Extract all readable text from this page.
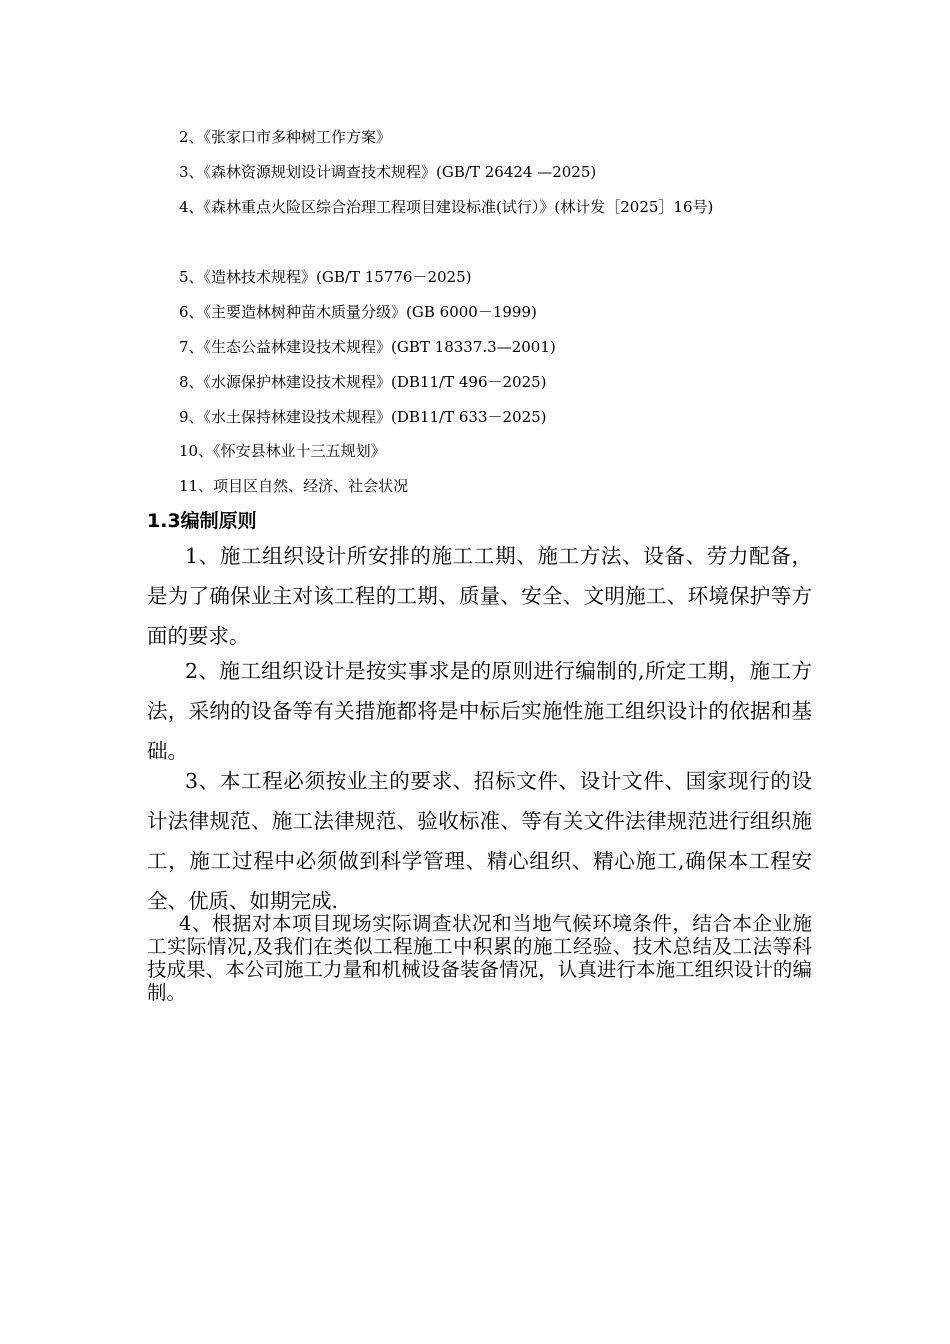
2、《张家口市多种树工作方案》
3、《森林资源规划设计调查技术规程》(GB/T 26424 —2025)
4、《森林重点火险区综合治理工程项目建设标准(试行）》(林计发［2025］16号)
5、《造林技术规程》(GB/T 15776－2025)
6、《主要造林树种苗木质量分级》(GB 6000－1999)
7、《生态公益林建设技术规程》(GBT 18337.3—2001)
8、《水源保护林建设技术规程》(DB11/T 496－2025)
9、《水土保持林建设技术规程》(DB11/T 633－2025)
10、《怀安县林业十三五规划》
11、项目区自然、经济、社会状况
1.3编制原则
1、施工组织设计所安排的施工工期、施工方法、设备、劳力配备，是为了确保业主对该工程的工期、质量、安全、文明施工、环境保护等方面的要求。
2、施工组织设计是按实事求是的原则进行编制的,所定工期，施工方法，采纳的设备等有关措施都将是中标后实施性施工组织设计的依据和基础。
3、本工程必须按业主的要求、招标文件、设计文件、国家现行的设计法律规范、施工法律规范、验收标准、等有关文件法律规范进行组织施工，施工过程中必须做到科学管理、精心组织、精心施工,确保本工程安全、优质、如期完成.
4、根据对本项目现场实际调查状况和当地气候环境条件，结合本企业施工实际情况,及我们在类似工程施工中积累的施工经验、技术总结及工法等科技成果、本公司施工力量和机械设备装备情况，认真进行本施工组织设计的编制。
